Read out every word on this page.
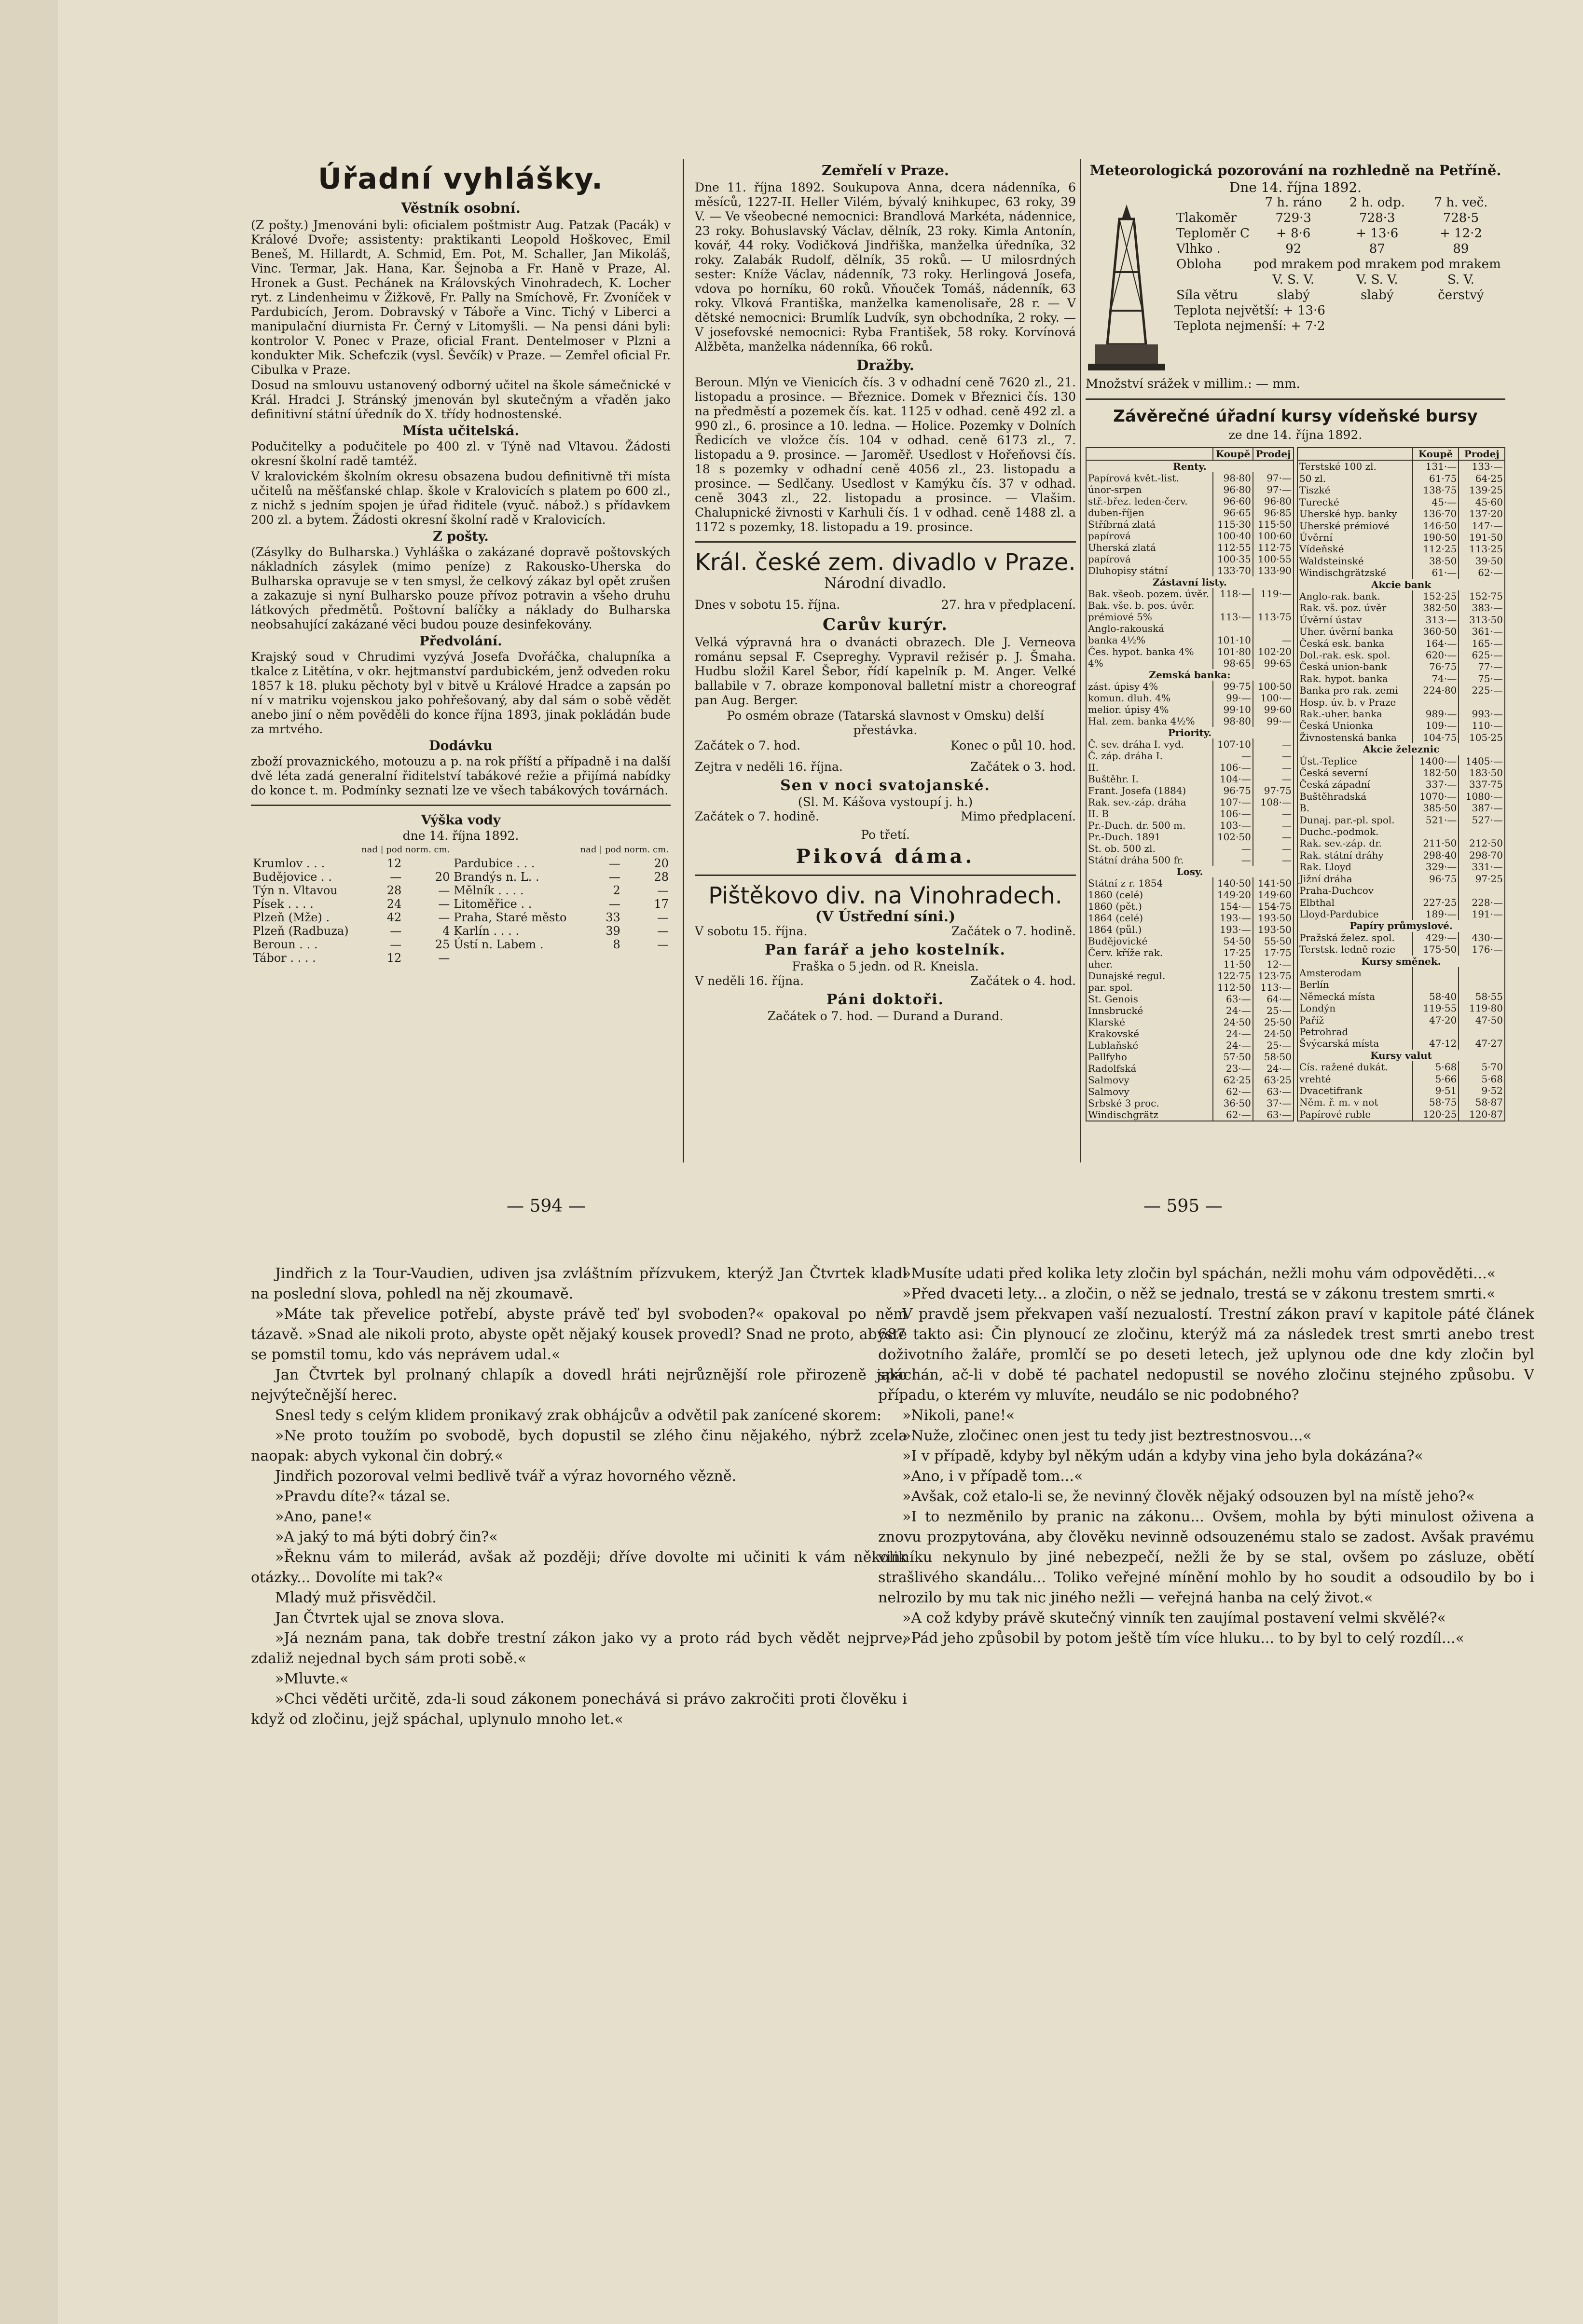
Úřadní vyhlášky.
Věstník osobní.

(Z pošty.) Jmenováni byli: oficialem poštmistr Aug. Patzak (Pacák) v Králové Dvoře; assistenty: praktikanti Leopold Hoškovec, Emil Beneš, M. Hillardt, A. Schmid, Em. Pot, M. Schaller, Jan Mikoláš, Vinc. Termar, Jak. Hana, Kar. Šejnoba a Fr. Haně v Praze, Al. Hronek a Gust. Pechánek na Královských Vinohradech, K. Locher ryt. z Lindenheimu v Žižkově, Fr. Pally na Smíchově, Fr. Zvoníček v Pardubicích, Jerom. Dobravský v Táboře a Vinc. Tichý v Liberci a manipulační diurnista Fr. Černý v Litomyšli. — Na pensi dáni byli: kontrolor V. Ponec v Praze, oficial Frant. Dentelmoser v Plzni a kondukter Mik. Schefczik (vysl. Ševčík) v Praze. — Zemřel oficial Fr. Cibulka v Praze.

Dosud na smlouvu ustanovený odborný učitel na škole sámečnické v Král. Hradci J. Stránský jmenován byl skutečným a vřaděn jako definitivní státní úředník do X. třídy hodnostenské.

Místa učitelská.

Podučitelky a podučitele po 400 zl. v Týně nad Vltavou. Žádosti okresní školní radě tamtéž.

V kralovickém školním okresu obsazena budou definitivně tři místa učitelů na měšťanské chlap. škole v Kralovicích s platem po 600 zl., z nichž s jedním spojen je úřad řiditele (vyuč. nábož.) s přídavkem 200 zl. a bytem. Žádosti okresní školní radě v Kralovicích.

Z pošty.

(Zásylky do Bulharska.) Vyhláška o zakázané dopravě poštovských nákladních zásylek (mimo peníze) z Rakousko-Uherska do Bulharska opravuje se v ten smysl, že celkový zákaz byl opět zrušen a zakazuje si nyní Bulharsko pouze přívoz potravin a všeho druhu látkových předmětů. Poštovní balíčky a náklady do Bulharska neobsahující zakázané věci budou pouze desinfekovány.

Předvolání.

Krajský soud v Chrudimi vyzývá Josefa Dvořáčka, chalupníka a tkalce z Litětína, v okr. hejtmanství pardubickém, jenž odveden roku 1857 k 18. pluku pěchoty byl v bitvě u Králové Hradce a zapsán po ní v matriku vojenskou jako pohřešovaný, aby dal sám o sobě vědět anebo jiní o něm pověděli do konce října 1893, jinak pokládán bude za mrtvého.

Dodávku

zboží provaznického, motouzu a p. na rok příští a případně i na další dvě léta zadá generalní řiditelství tabákové režie a přijímá nabídky do konce t. m. Podmínky seznati lze ve všech tabákových továrnách.

Výška vody
dne 14. října 1892.
	nad | pod norm. cm.			nad | pod norm. cm.	
Krumlov . . .	12		Pardubice . . .	—	20
Budějovice . .	—	20	Brandýs n. L. .	—	28
Týn n. Vltavou	28	—	Mělník . . . .	2	—
Písek . . . .	24	—	Litoměřice . .	—	17
Plzeň (Mže) .	42	—	Praha, Staré město	33	—
Plzeň (Radbuza)	—	4	Karlín . . . .	39	—
Beroun . . .	—	25	Ústí n. Labem .	8	—
Tábor . . . .	12	—			
Zemřelí v Praze.

Dne 11. října 1892. Soukupova Anna, dcera nádenníka, 6 měsíců, 1227-II. Heller Vilém, bývalý knihkupec, 63 roky, 39 V. — Ve všeobecné nemocnici: Brandlová Markéta, nádennice, 23 roky. Bohuslavský Václav, dělník, 23 roky. Kimla Antonín, kovář, 44 roky. Vodičková Jindřiška, manželka úředníka, 32 roky. Zalabák Rudolf, dělník, 35 roků. — U milosrdných sester: Kníže Václav, nádenník, 73 roky. Herlingová Josefa, vdova po horníku, 60 roků. Vňouček Tomáš, nádenník, 63 roky. Vlková Františka, manželka kamenolisaře, 28 r. — V dětské nemocnici: Brumlík Ludvík, syn obchodníka, 2 roky. — V josefovské nemocnici: Ryba František, 58 roky. Korvínová Alžběta, manželka nádenníka, 66 roků.

Dražby.

Beroun. Mlýn ve Vienicích čís. 3 v odhadní ceně 7620 zl., 21. listopadu a prosince. — Březnice. Domek v Březnici čís. 130 na předměstí a pozemek čís. kat. 1125 v odhad. ceně 492 zl. a 990 zl., 6. prosince a 10. ledna. — Holice. Pozemky v Dolních Ředicích ve vložce čís. 104 v odhad. ceně 6173 zl., 7. listopadu a 9. prosince. — Jaroměř. Usedlost v Hořeňovsi čís. 18 s pozemky v odhadní ceně 4056 zl., 23. listopadu a prosince. — Sedlčany. Usedlost v Kamýku čís. 37 v odhad. ceně 3043 zl., 22. listopadu a prosince. — Vlašim. Chalupnické živnosti v Karhuli čís. 1 v odhad. ceně 1488 zl. a 1172 s pozemky, 18. listopadu a 19. prosince.

Král. české zem. divadlo v Praze.
Národní divadlo.
Dnes v sobotu 15. října.	27. hra v předplacení.
Carův kurýr.

Velká výpravná hra o dvanácti obrazech. Dle J. Verneova románu sepsal F. Csepreghy. Vypravil režisér p. J. Šmaha. Hudbu složil Karel Šebor, řídí kapelník p. M. Anger. Velké ballabile v 7. obraze komponoval balletní mistr a choreograf pan Aug. Berger.

Po osmém obraze (Tatarská slavnost v Omsku) delší přestávka.

Začátek o 7. hod.	Konec o půl 10. hod.
Zejtra v neděli 16. října.	Začátek o 3. hod.
Sen v noci svatojanské.
(Sl. M. Kášova vystoupí j. h.)
Začátek o 7. hodině.	Mimo předplacení.
Po třetí.
Piková dáma.
Pištěkovo div. na Vinohradech.
(V Ústřední síni.)
V sobotu 15. října.	Začátek o 7. hodině.
Pan farář a jeho kostelník.
Fraška o 5 jedn. od R. Kneisla.
V neděli 16. října.	Začátek o 4. hod.
Páni doktoři.
Začátek o 7. hod. — Durand a Durand.
Meteorologická pozorování na rozhledně na Petříně.
Dne 14. října 1892.
	7 h. ráno	2 h. odp.	7 h. več.
Tlakoměr	729·3	728·3	728·5
Teploměr C	+ 8·6	+ 13·6	+ 12·2
Vlhko .	92	87	89
Obloha	pod mrakem	pod mrakem	pod mrakem
	V. S. V.	V. S. V.	S. V.
Síla větru	slabý	slabý	čerstvý
Teplota největší: + 13·6
Teplota nejmenší: + 7·2
Množství srážek v millim.: — mm.
Závěrečné úřadní kursy vídeňské bursy
ze dne 14. října 1892.
	Koupě	Prodej
Renty.		
Papírová květ.-list.	98·80	97·—
únor-srpen	96·80	97·—
stř.-břez. leden-červ.	96·60	96·80
duben-říjen	96·65	96·85
Stříbrná zlatá	115·30	115·50
papírová	100·40	100·60
Uherská zlatá	112·55	112·75
papírová	100·35	100·55
Dluhopisy státní	133·70	133·90
Zástavní listy.		
Bak. všeob. pozem. úvěr.	118·—	119·—
Bak. vše. b. pos. úvěr.		
prémiové 5%	113·—	113·75
Anglo-rakouská		
banka 4½%	101·10	—
Čes. hypot. banka 4%	101·80	102·20
4%	98·65	99·65
Zemská banka:		
zást. úpisy 4%	99·75	100·50
komun. dluh. 4%	99·—	100·—
melior. úpisy 4%	99·10	99·60
Hal. zem. banka 4½%	98·80	99·—
Priority.		
Č. sev. dráha I. vyd.	107·10	—
Č. záp. dráha I.	—	—
II.	106·—	—
Buštěhr. I.	104·—	—
Frant. Josefa (1884)	96·75	97·75
Rak. sev.-záp. dráha	107·—	108·—
II. B	106·—	—
Pr.-Duch. dr. 500 m.	103·—	—
Pr.-Duch. 1891	102·50	—
St. ob. 500 zl.	—	—
Státní dráha 500 fr.	—	—
Losy.		
Státní z r. 1854	140·50	141·50
1860 (celé)	149·20	149·60
1860 (pět.)	154·—	154·75
1864 (celé)	193·—	193·50
1864 (půl.)	193·—	193·50
Budějovické	54·50	55·50
Červ. kříže rak.	17·25	17·75
uher.	11·50	12·—
Dunajské regul.	122·75	123·75
par. spol.	112·50	113·—
St. Genois	63·—	64·—
Innsbrucké	24·—	25·—
Klarské	24·50	25·50
Krakovské	24·—	24·50
Lublaňské	24·—	25·—
Pallfyho	57·50	58·50
Radolfská	23·—	24·—
Salmovy	62·25	63·25
Salmovy	62·—	63·—
Srbské 3 proc.	36·50	37·—
Windischgrätz	62·—	63·—
	Koupě	Prodej
Terstské 100 zl.	131·—	133·—
50 zl.	61·75	64·25
Tiszké	138·75	139·25
Turecké	45·—	45·60
Uherské hyp. banky	136·70	137·20
Uherské prémiové	146·50	147·—
Úvěrní	190·50	191·50
Vídeňské	112·25	113·25
Waldsteinské	38·50	39·50
Windischgrätzské	61·—	62·—
Akcie bank		
Anglo-rak. bank.	152·25	152·75
Rak. vš. poz. úvěr	382·50	383·—
Úvěrní ústav	313·—	313·50
Uher. úvěrní banka	360·50	361·—
Česká esk. banka	164·—	165·—
Dol.-rak. esk. spol.	620·—	625·—
Česká union-bank	76·75	77·—
Rak. hypot. banka	74·—	75·—
Banka pro rak. zemi	224·80	225·—
Hosp. úv. b. v Praze		
Rak.-uher. banka	989·—	993·—
Česká Unionka	109·—	110·—
Živnostenská banka	104·75	105·25
Akcie železnic		
Úst.-Teplice	1400·—	1405·—
Česká severní	182·50	183·50
Česká západní	337·—	337·75
Buštěhradská	1070·—	1080·—
B.	385·50	387·—
Dunaj. par.-pl. spol.	521·—	527·—
Duchc.-podmok.		
Rak. sev.-záp. dr.	211·50	212·50
Rak. státní dráhy	298·40	298·70
Rak. Lloyd	329·—	331·—
Jižní dráha	96·75	97·25
Praha-Duchcov		
Elbthal	227·25	228·—
Lloyd-Pardubice	189·—	191·—
Papíry průmyslové.		
Pražská želez. spol.	429·—	430·—
Terstsk. ledně rozie	175·50	176·—
Kursy směnek.		
Amsterodam		
Berlín		
Německá místa	58·40	58·55
Londýn	119·55	119·80
Paříž	47·20	47·50
Petrohrad		
Švýcarská místa	47·12	47·27
Kursy valut		
Cís. ražené dukát.	5·68	5·70
vrehté	5·66	5·68
Dvacetifrank	9·51	9·52
Něm. ř. m. v not	58·75	58·87
Papírové ruble	120·25	120·87
— 594 —	— 595 —

Jindřich z la Tour-Vaudien, udiven jsa zvláštním přízvukem, kterýž Jan Čtvrtek kladl na poslední slova, pohledl na něj zkoumavě.

»Máte tak převelice potřebí, abyste právě teď byl svoboden?« opakoval po něm tázavě. »Snad ale nikoli proto, abyste opět nějaký kousek provedl? Snad ne proto, abyste se pomstil tomu, kdo vás neprávem udal.«

Jan Čtvrtek byl prolnaný chlapík a dovedl hráti nejrůznější role přirozeně jako nejvýtečnější herec.

Snesl tedy s celým klidem pronikavý zrak obhájcův a odvětil pak zanícené skorem:

»Ne proto toužím po svobodě, bych dopustil se zlého činu nějakého, nýbrž zcela naopak: abych vykonal čin dobrý.«

Jindřich pozoroval velmi bedlivě tvář a výraz hovorného vězně.

»Pravdu díte?« tázal se.

»Ano, pane!«

»A jaký to má býti dobrý čin?«

»Řeknu vám to milerád, avšak až později; dříve dovolte mi učiniti k vám několik otázky... Dovolíte mi tak?«

Mladý muž přisvědčil.

Jan Čtvrtek ujal se znova slova.

»Já neznám pana, tak dobře trestní zákon jako vy a proto rád bych vědět nejprve, zdaliž nejednal bych sám proti sobě.«

»Mluvte.«

»Chci věděti určitě, zda-li soud zákonem ponechává si právo zakročiti proti člověku i když od zločinu, jejž spáchal, uplynulo mnoho let.«

»Musíte udati před kolika lety zločin byl spáchán, nežli mohu vám odpověděti...«

»Před dvaceti lety... a zločin, o něž se jednalo, trestá se v zákonu trestem smrti.«

V pravdě jsem překvapen vaší nezualostí. Trestní zákon praví v kapitole páté článek 687 takto asi: Čin plynoucí ze zločinu, kterýž má za následek trest smrti anebo trest doživotního žaláře, promlčí se po deseti letech, jež uplynou ode dne kdy zločin byl spáchán, ač-li v době té pachatel nedopustil se nového zločinu stejného způsobu. V případu, o kterém vy mluvíte, neudálo se nic podobného?

»Nikoli, pane!«

»Nuže, zločinec onen jest tu tedy jist beztrestnosvou...«

»I v případě, kdyby byl někým udán a kdyby vina jeho byla dokázána?«

»Ano, i v případě tom...«

»Avšak, což etalo-li se, že nevinný člověk nějaký odsouzen byl na místě jeho?«

»I to nezměnilo by pranic na zákonu... Ovšem, mohla by býti minulost oživena a znovu prozpytována, aby člověku nevinně odsouzenému stalo se zadost. Avšak pravému vinníku nekynulo by jiné nebezpečí, nežli že by se stal, ovšem po zásluze, obětí strašlivého skandálu... Toliko veřejné mínění mohlo by ho soudit a odsoudilo by bo i nelrozilo by mu tak nic jiného nežli — veřejná hanba na celý život.«

»A což kdyby právě skutečný vinník ten zaujímal postavení velmi skvělé?«

»Pád jeho způsobil by potom ještě tím více hluku... to by byl to celý rozdíl...«
